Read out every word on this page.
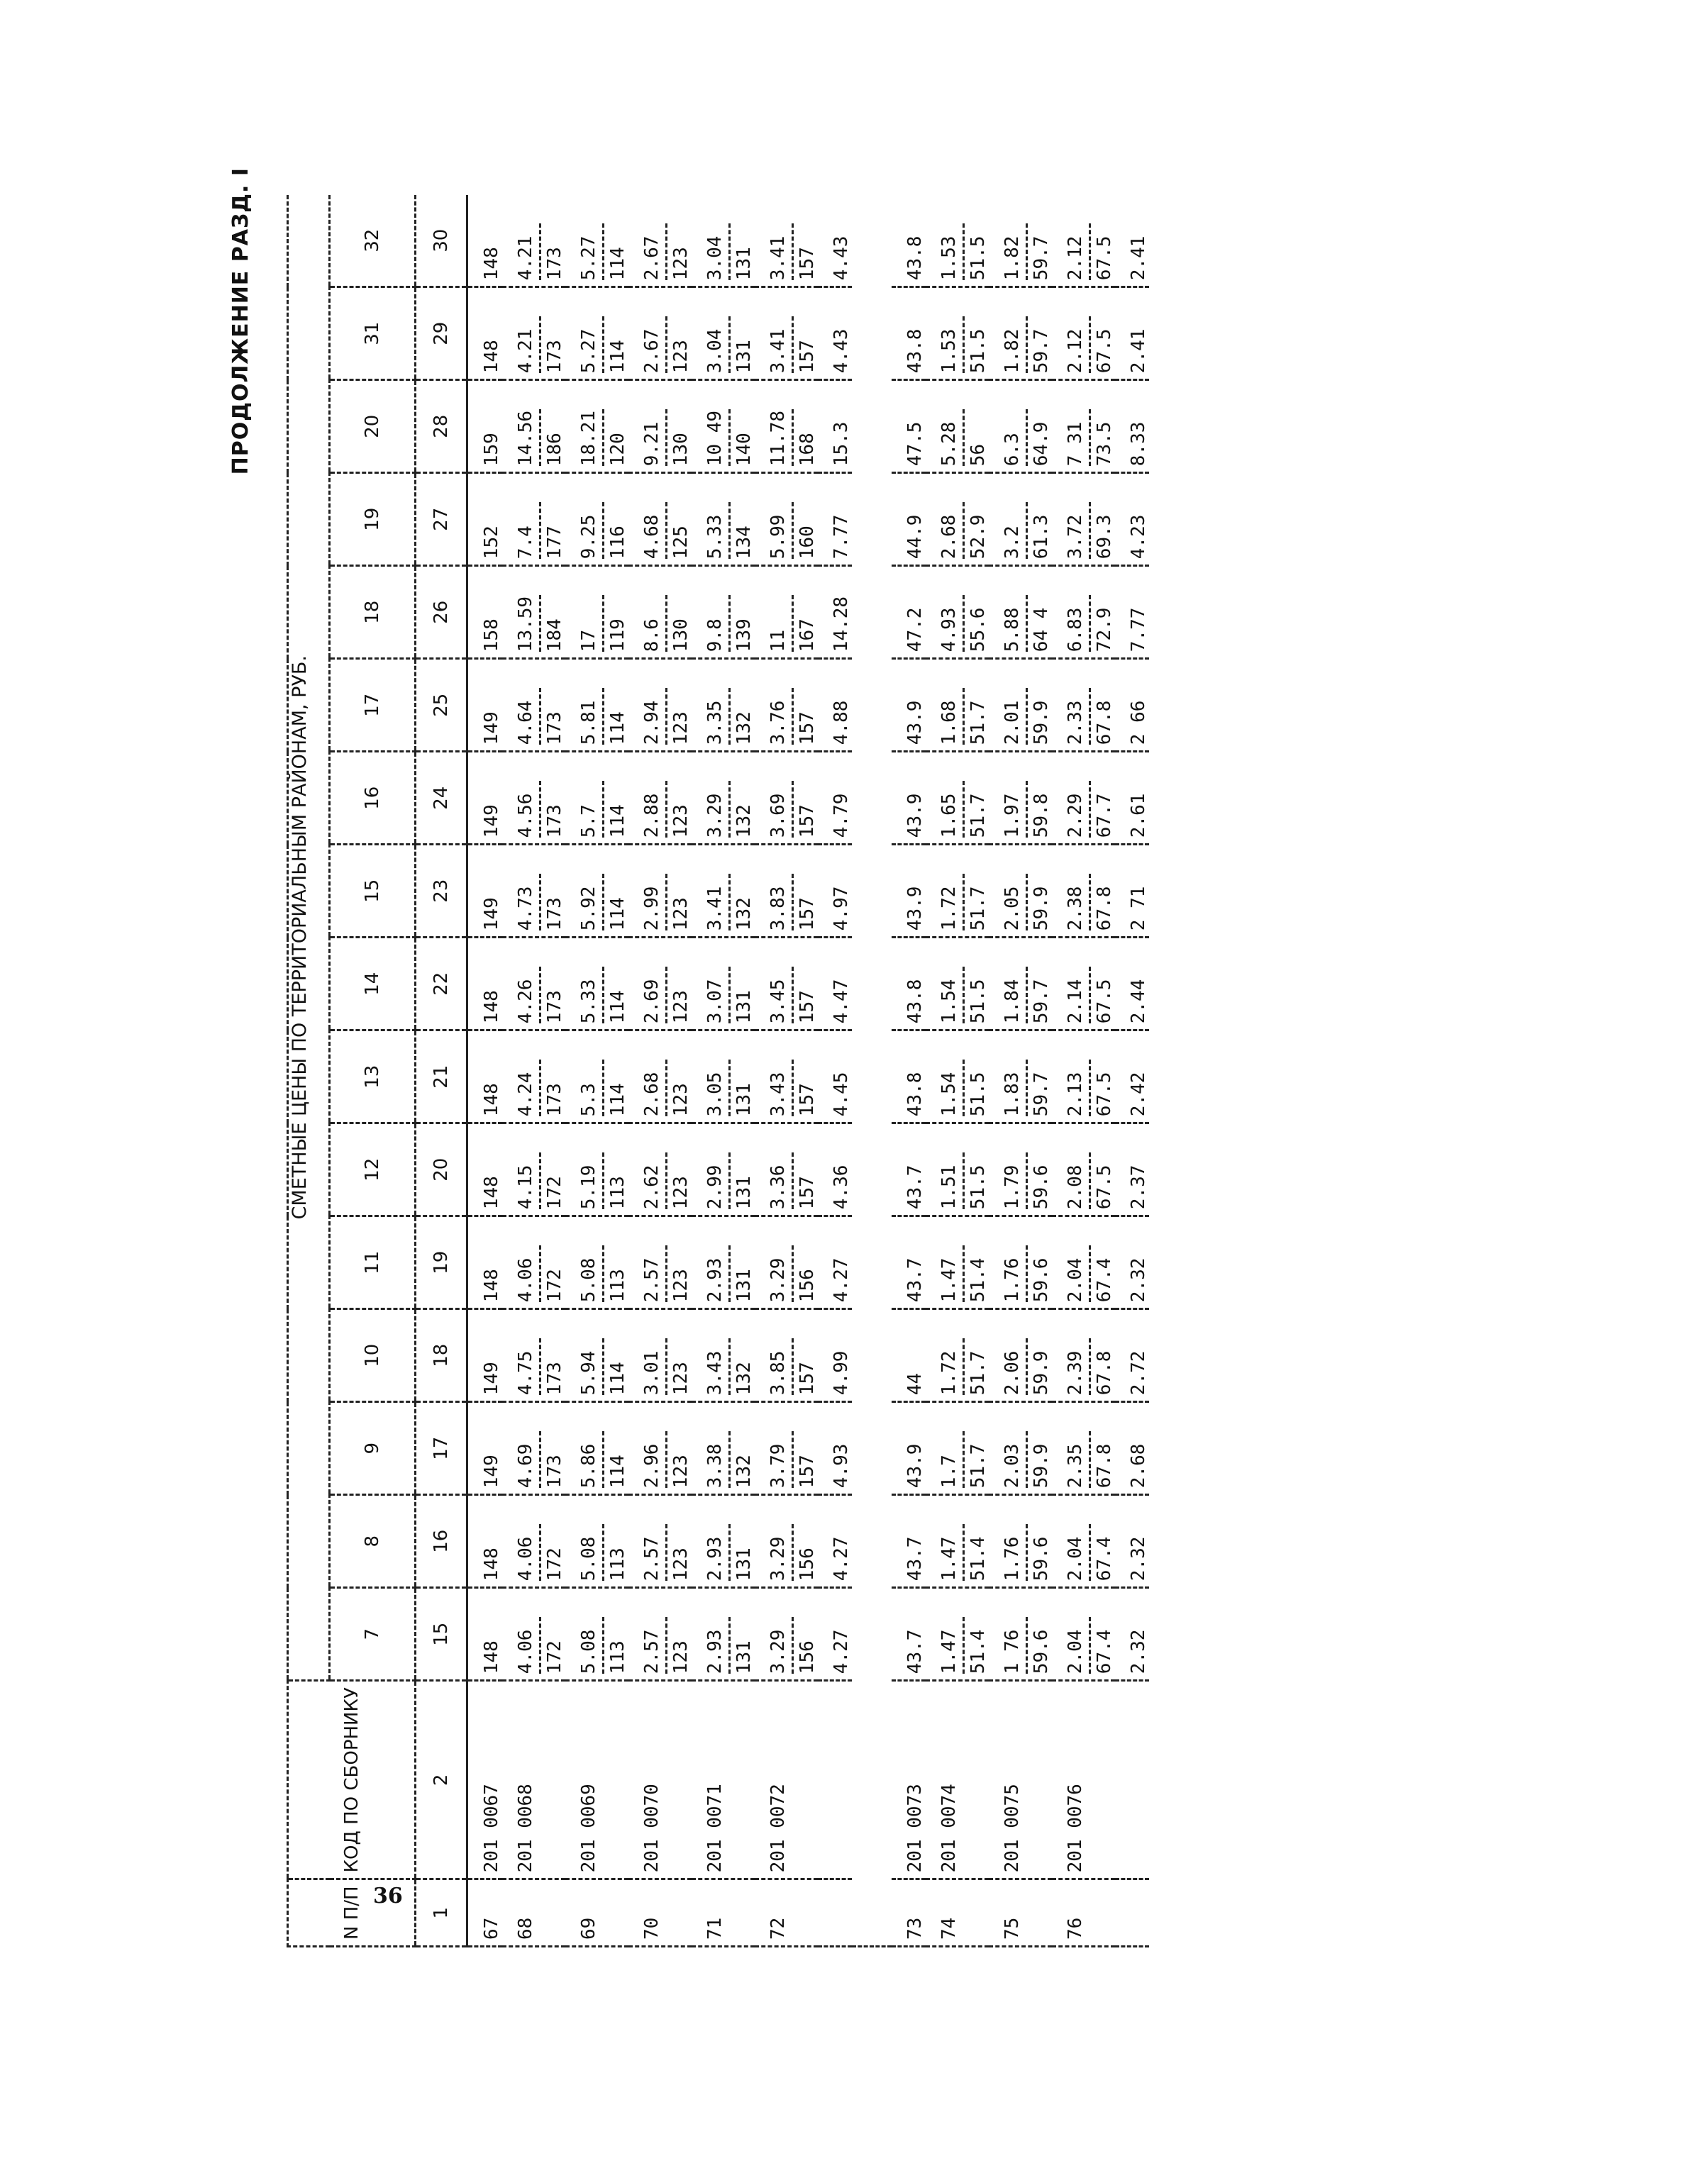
ПРОДОЛЖЕНИЕ РАЗД. I
36
N П/П	КОД ПО СБОРНИКУ	СМЕТНЫЕ ЦЕНЫ ПО ТЕРРИТОРИАЛЬНЫМ РАЙОНАМ, РУБ.															
		7	8	9	10	11	12	13	14	15	16	17	18	19	20	31	32
1	2	15	16	17	18	19	20	21	22	23	24	25	26	27	28	29	30
67	201 0067	148	148	149	149	148	148	148	148	149	149	149	158	152	159	148	148

68	201 0068	4.06 172	4.06 172	4.69 173	4.75 173	4.06 172	4.15 172	4.24 173	4.26 173	4.73 173	4.56 173	4.64 173	13.59 184	7.4 177	14.56 186	4.21 173	4.21 173

69	201 0069	5.08 113	5.08 113	5.86 114	5.94 114	5.08 113	5.19 113	5.3 114	5.33 114	5.92 114	5.7 114	5.81 114	17 119	9.25 116	18.21 120	5.27 114	5.27 114

70	201 0070	2.57 123	2.57 123	2.96 123	3.01 123	2.57 123	2.62 123	2.68 123	2.69 123	2.99 123	2.88 123	2.94 123	8.6 130	4.68 125	9.21 130	2.67 123	2.67 123

71	201 0071	2.93 131	2.93 131	3.38 132	3.43 132	2.93 131	2.99 131	3.05 131	3.07 131	3.41 132	3.29 132	3.35 132	9.8 139	5.33 134	10 49 140	3.04 131	3.04 131

72	201 0072	3.29 156	3.29 156	3.79 157	3.85 157	3.29 156	3.36 157	3.43 157	3.45 157	3.83 157	3.69 157	3.76 157	11 167	5.99 160	11.78 168	3.41 157	3.41 157

		4.27	4.27	4.93	4.99	4.27	4.36	4.45	4.47	4.97	4.79	4.88	14.28	7.77	15.3	4.43	4.43

73	201 0073	43.7	43.7	43.9	44	43.7	43.7	43.8	43.8	43.9	43.9	43.9	47.2	44.9	47.5	43.8	43.8

74	201 0074	1.47 51.4	1.47 51.4	1.7 51.7	1.72 51.7	1.47 51.4	1.51 51.5	1.54 51.5	1.54 51.5	1.72 51.7	1.65 51.7	1.68 51.7	4.93 55.6	2.68 52.9	5.28 56	1.53 51.5	1.53 51.5

75	201 0075	1 76 59.6	1.76 59.6	2.03 59.9	2.06 59.9	1.76 59.6	1.79 59.6	1.83 59.7	1.84 59.7	2.05 59.9	1.97 59.8	2.01 59.9	5.88 64 4	3.2 61.3	6.3 64.9	1.82 59.7	1.82 59.7

76	201 0076	2.04 67.4	2.04 67.4	2.35 67.8	2.39 67.8	2.04 67.4	2.08 67.5	2.13 67.5	2.14 67.5	2.38 67.8	2.29 67.7	2.33 67.8	6.83 72.9	3.72 69.3	7 31 73.5	2.12 67.5	2.12 67.5

		2.32	2.32	2.68	2.72	2.32	2.37	2.42	2.44	2 71	2.61	2 66	7.77	4.23	8.33	2.41	2.41
